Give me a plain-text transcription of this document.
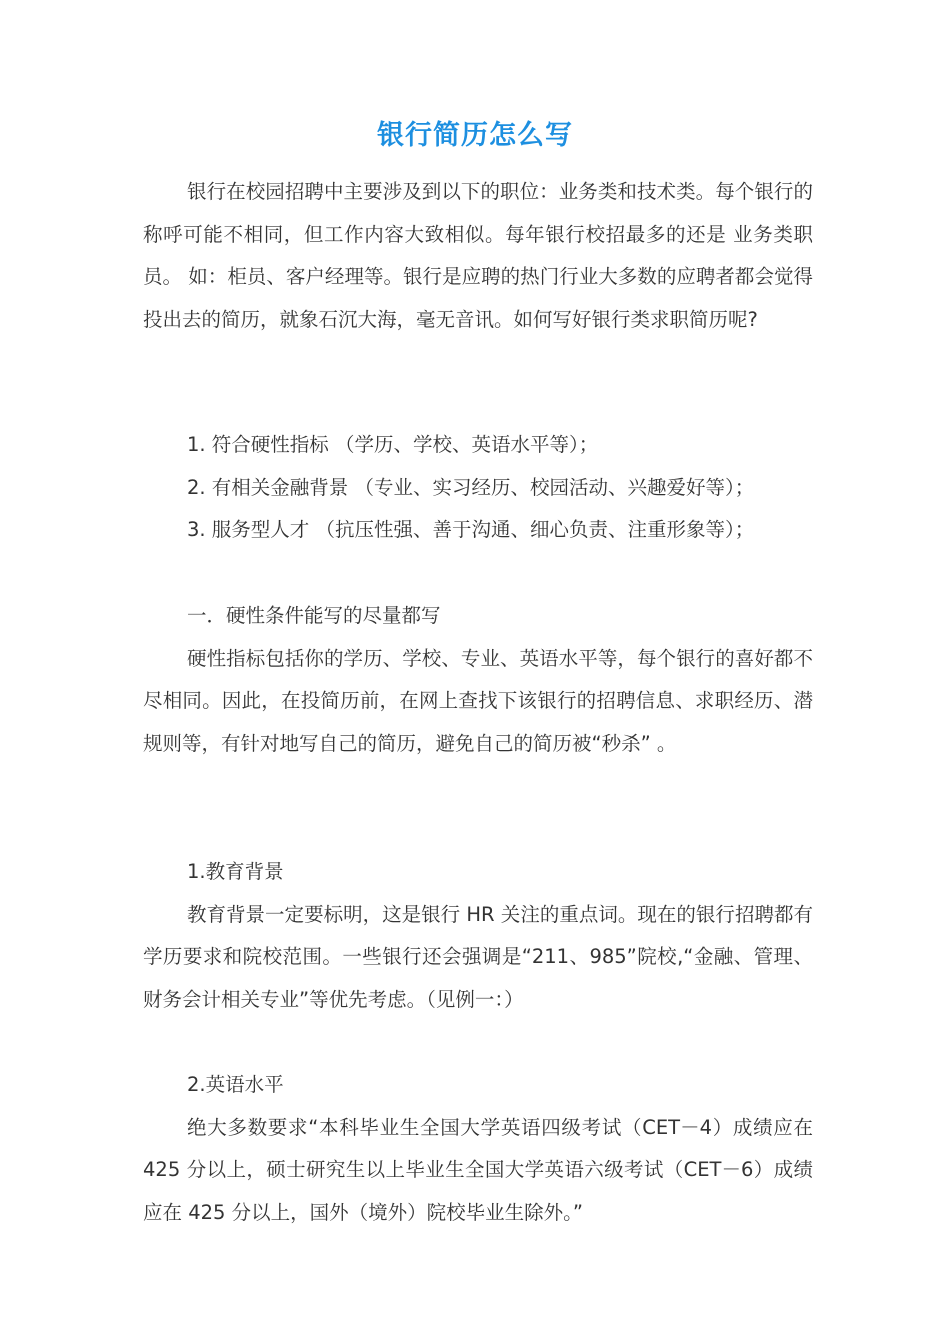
银行简历怎么写

银行在校园招聘中主要涉及到以下的职位：业务类和技术类。每个银行的称呼可能不相同，但工作内容大致相似。每年银行校招最多的还是 业务类职员。 如：柜员、客户经理等。银行是应聘的热门行业大多数的应聘者都会觉得投出去的简历，就象石沉大海，毫无音讯。如何写好银行类求职简历呢?

1. 符合硬性指标 （学历、学校、英语水平等）；

2. 有相关金融背景 （专业、实习经历、校园活动、兴趣爱好等）；

3. 服务型人才 （抗压性强、善于沟通、细心负责、注重形象等）；

一．硬性条件能写的尽量都写

硬性指标包括你的学历、学校、专业、英语水平等，每个银行的喜好都不尽相同。因此，在投简历前，在网上查找下该银行的招聘信息、求职经历、潜规则等，有针对地写自己的简历，避免自己的简历被“秒杀” 。

1.教育背景

教育背景一定要标明，这是银行 HR 关注的重点词。现在的银行招聘都有学历要求和院校范围。一些银行还会强调是“211、985”院校,“金融、管理、财务会计相关专业”等优先考虑。（见例一：）

2.英语水平

绝大多数要求“本科毕业生全国大学英语四级考试（CET－4）成绩应在 425 分以上，硕士研究生以上毕业生全国大学英语六级考试（CET－6）成绩应在 425 分以上，国外（境外）院校毕业生除外。”
